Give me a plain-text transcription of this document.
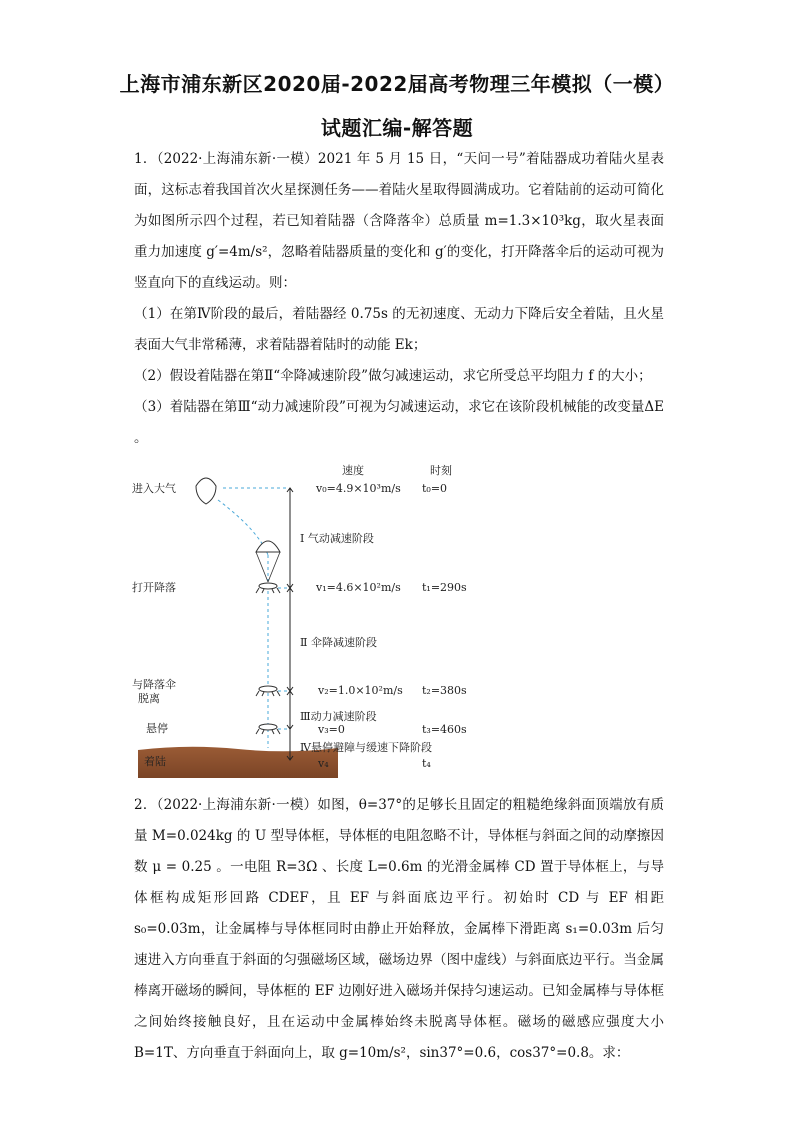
上海市浦东新区2020届-2022届高考物理三年模拟（一模）
试题汇编-解答题
1．（2022·上海浦东新·一模）2021 年 5 月 15 日，“天问一号”着陆器成功着陆火星表面，这标志着我国首次火星探测任务——着陆火星取得圆满成功。它着陆前的运动可简化为如图所示四个过程，若已知着陆器（含降落伞）总质量 m=1.3×10³kg，取火星表面重力加速度 g′=4m/s²，忽略着陆器质量的变化和 g′的变化，打开降落伞后的运动可视为竖直向下的直线运动。则：
（1）在第Ⅳ阶段的最后，着陆器经 0.75s 的无初速度、无动力下降后安全着陆，且火星表面大气非常稀薄，求着陆器着陆时的动能 Ek；
（2）假设着陆器在第Ⅱ“伞降减速阶段”做匀减速运动，求它所受总平均阻力 f 的大小；
（3）着陆器在第Ⅲ“动力减速阶段”可视为匀减速运动，求它在该阶段机械能的改变量ΔE 。
着陆
进入大气
打开降落
与降落伞
脱离
悬停
Ⅰ 气动减速阶段
Ⅱ 伞降减速阶段
Ⅲ动力减速阶段
Ⅳ悬停避障与缓速下降阶段
速度	时刻
v₀=4.9×10³m/s
v₁=4.6×10²m/s
v₂=1.0×10²m/s
v₃=0
v₄
t₀=0
t₁=290s
t₂=380s
t₃=460s
t₄
2．（2022·上海浦东新·一模）如图，θ=37°的足够长且固定的粗糙绝缘斜面顶端放有质量 M=0.024kg 的 U 型导体框，导体框的电阻忽略不计，导体框与斜面之间的动摩擦因数 μ = 0.25 。一电阻 R=3Ω 、长度 L=0.6m 的光滑金属棒 CD 置于导体框上，与导体框构成矩形回路 CDEF，且 EF 与斜面底边平行。初始时 CD 与 EF 相距 s₀=0.03m，让金属棒与导体框同时由静止开始释放，金属棒下滑距离 s₁=0.03m 后匀速进入方向垂直于斜面的匀强磁场区域，磁场边界（图中虚线）与斜面底边平行。当金属棒离开磁场的瞬间，导体框的 EF 边刚好进入磁场并保持匀速运动。已知金属棒与导体框之间始终接触良好，且在运动中金属棒始终未脱离导体框。磁场的磁感应强度大小 B=1T、方向垂直于斜面向上，取 g=10m/s²，sin37°=0.6，cos37°=0.8。求：
